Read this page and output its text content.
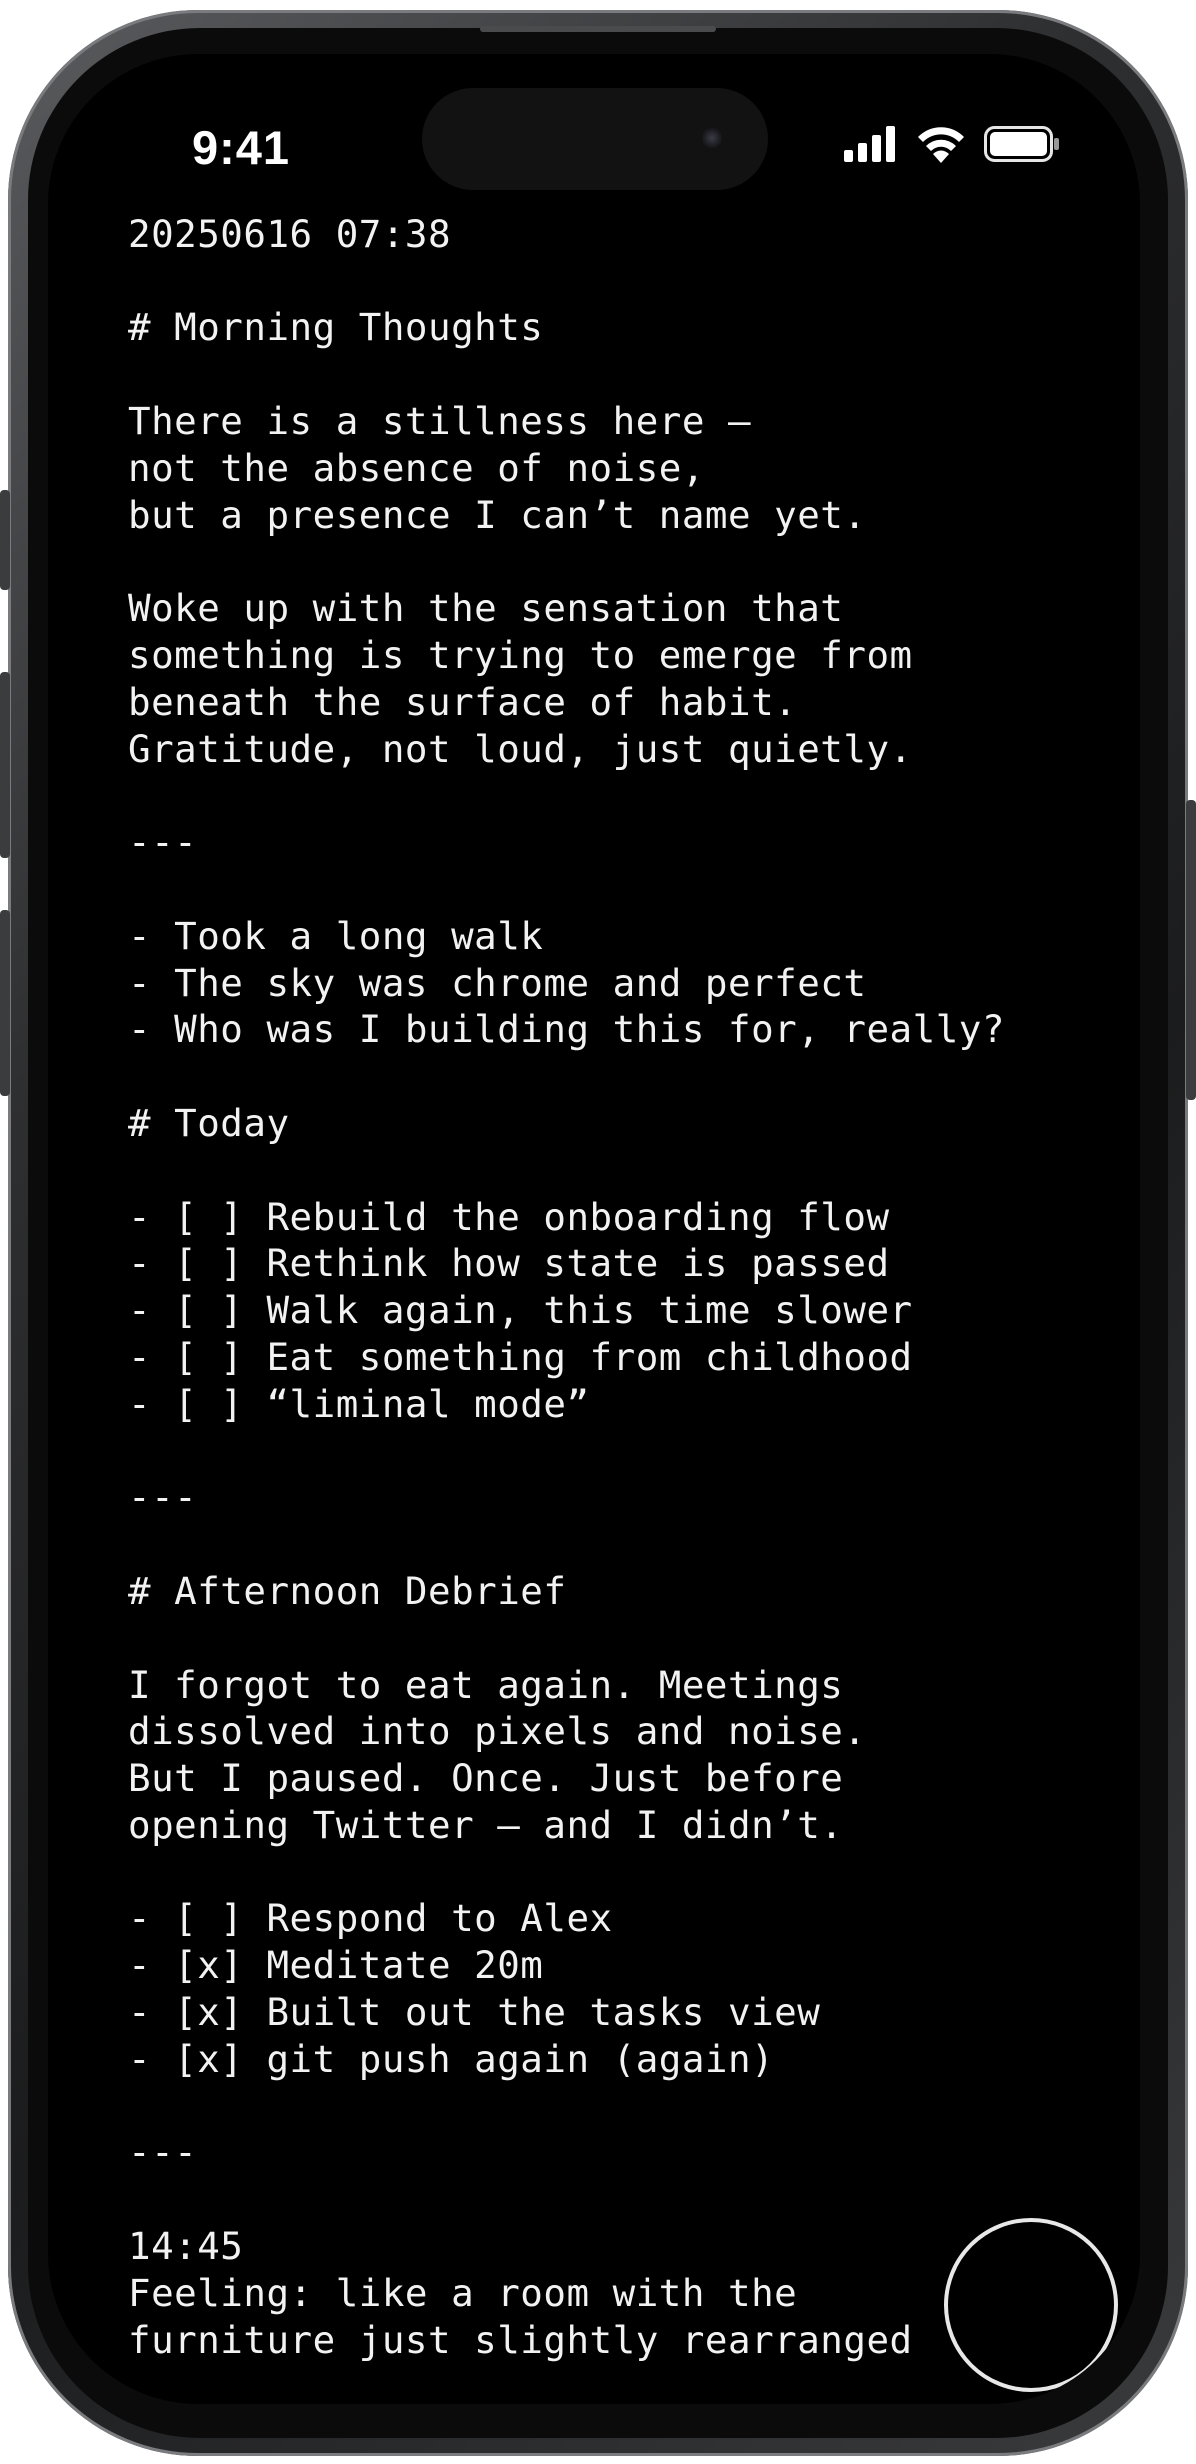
9:41
20250616 07:38
# Morning Thoughts
There is a stillness here —
not the absence of noise,
but a presence I can’t name yet.
Woke up with the sensation that
something is trying to emerge from
beneath the surface of habit.
Gratitude, not loud, just quietly.
---
- Took a long walk
- The sky was chrome and perfect
- Who was I building this for, really?
# Today
- [ ] Rebuild the onboarding flow
- [ ] Rethink how state is passed
- [ ] Walk again, this time slower
- [ ] Eat something from childhood
- [ ] “liminal mode”
---
# Afternoon Debrief
I forgot to eat again. Meetings
dissolved into pixels and noise.
But I paused. Once. Just before
opening Twitter — and I didn’t.
- [ ] Respond to Alex
- [x] Meditate 20m
- [x] Built out the tasks view
- [x] git push again (again)
---
14:45
Feeling: like a room with the
furniture just slightly rearranged
